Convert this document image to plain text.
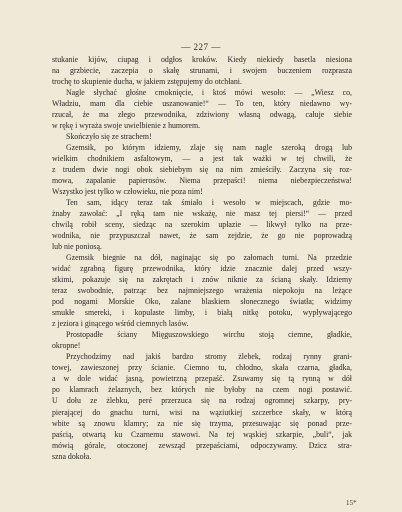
— 227 —
stukanie kijów, ciupag i odgłos kroków. Kiedy niekiedy basetla niesiona
na grzbiecie, zaczepia o skałę strunami, i swojem buczeniem rozprasza
trochę to skupienie ducha, w jakiem zstępujemy do otchłani.
Nagle słychać głośne cmoknięcie, i ktoś mówi wesoło: — „Wiesz co,
Władziu, mam dla ciebie uszanowanie!“ — To ten, który niedawno wy-
rzucał, że ma złego przewodnika, zdziwiony własną odwagą, całuje siebie
w rękę i wyraża swoje uwielbienie z humorem.
Skończyło się ze strachem!
Gzemsik, po którym idziemy, zlaje się nam nagle szeroką drogą lub
wielkim chodnikiem asfaltowym, — a jest tak ważki w tej chwili, że
z trudem dwie nogi obok siebiebym się na nim zmieściły. Zaczyna się roz-
mowa, zapalanie papierosów. Niema przepaści! niema niebezpieczeństwa!
Wszystko jest tylko w człowieku, nie poza nim!
Ten sam, idący teraz tak śmiało i wesoło w miejscach, gdzie mo-
żnaby zawołać: „I ręką tam nie wskażę, nie masz tej piersi!“ — przed
chwilą robił sceny, siedząc na szerokim upłazie — likwył tylko na prze-
wodnika, nie przypuszczał nawet, że sam zejdzie, że go nie poprowadzą
lub nie poniosą.
Gzemsik biegnie na dół, naginając się po załomach turni. Na przedzie
widać zgrabną figurę przewodnika, który idzie znacznie dalej przed wszy-
stkimi, pokazuje się na zakrętach i znów niknie za ścianą skały. Idziemy
teraz swobodnie, patrząc bez najmniejszego wrażenia niepokoju na leżące
pod nogami Morskie Oko, zalane blaskiem słonecznego światła; widzimy
smukłe smereki, i kopulaste limby, i białą nitkę potoku, wypływającego
z jeziora i ginącego wśród ciemnych lasów.
Prostopadłe ściany Mięguszowskiego wirchu stoją ciemne, gładkie,
okropne!
Przychodzimy nad jakiś bardzo stromy żlebek, rodzaj rynny grani-
towej, zawieszonej przy ścianie. Ciemno tu, chłodno, skała czarna, gładka,
a w dole widać jasną, powietrzną przepaść. Zsuwamy się tą rynną w dół
po klamrach żelaznych, bez których nie byłoby na czem nogi postawić.
U dołu ze żlebku, peré przerzuca się na rodzaj ogromnej szkarpy, pry-
pierającej do gnachu turni, wisi na wąziutkiej szczerbce skały, w którą
wbite są znowu klamry; za nie się trzyma, przesuwając się ponad prze-
paścią, otwartą ku Czarnemu stawowi. Na tej wąskiej szkarpie, „buli“, jak
mówią górale, otoczonej zewsząd przepaściami, odpoczywamy. Dzicz stra-
szna dokoła.
15*
